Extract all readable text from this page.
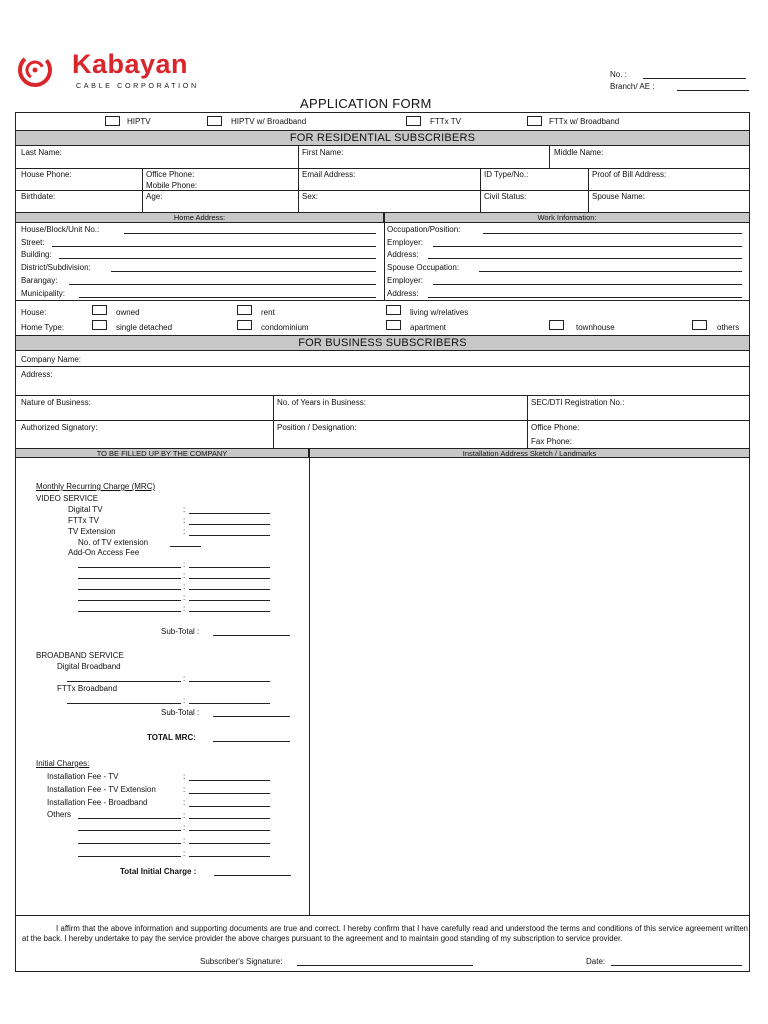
Kabayan
CABLE CORPORATION
No. :
Branch/ AE :
APPLICATION FORM
HIPTV	HIPTV w/ Broadband	FTTx TV	FTTx w/ Broadband
FOR RESIDENTIAL SUBSCRIBERS
Last Name:	First Name:	Middle Name:
House Phone:	Office Phone:
Mobile Phone:
Email Address:	ID Type/No.:	Proof of Bill Address:
Birthdate:	Age:	Sex:	Civil Status:	Spouse Name:
Home Address:	Work Information:
House/Block/Unit No.:
Street:
Building:
District/Subdivision:
Barangay:
Municipality:
Occupation/Position:
Employer:
Address:
Spouse Occupation:
Employer:
Address:
House:	owned	rent	living w/relatives
Home Type:	single detached	condominium	apartment	townhouse	others
FOR BUSINESS SUBSCRIBERS
Company Name:
Address:
Nature of Business:	No. of Years in Business:	SEC/DTI Registration No.:
Authorized Signatory:	Position / Designation:	Office Phone:
Fax Phone:
TO BE FILLED UP BY THE COMPANY	Installation Address Sketch / Landmarks
Monthly Recurring Charge (MRC)
VIDEO SERVICE
Digital TV	:
FTTx TV	:
TV Extension	:
No. of TV extension
Add-On Access Fee
:
:
:
:
:
Sub-Total :
BROADBAND SERVICE
Digital Broadband
:
FTTx Broadband
:
Sub-Total :
TOTAL MRC:
Initial Charges:
Installation Fee - TV	:
Installation Fee - TV Extension	:
Installation Fee - Broadband	:
Others	:
:
:
:
Total Initial Charge :
I affirm that the above information and supporting documents are true and correct. I hereby confirm that I have carefully read and understood the terms and conditions of this service agreement written at the back. I hereby undertake to pay the service provider the above charges pursuant to the agreement and to maintain good standing of my subscription to service provider.
Subscriber's Signature:	Date:
